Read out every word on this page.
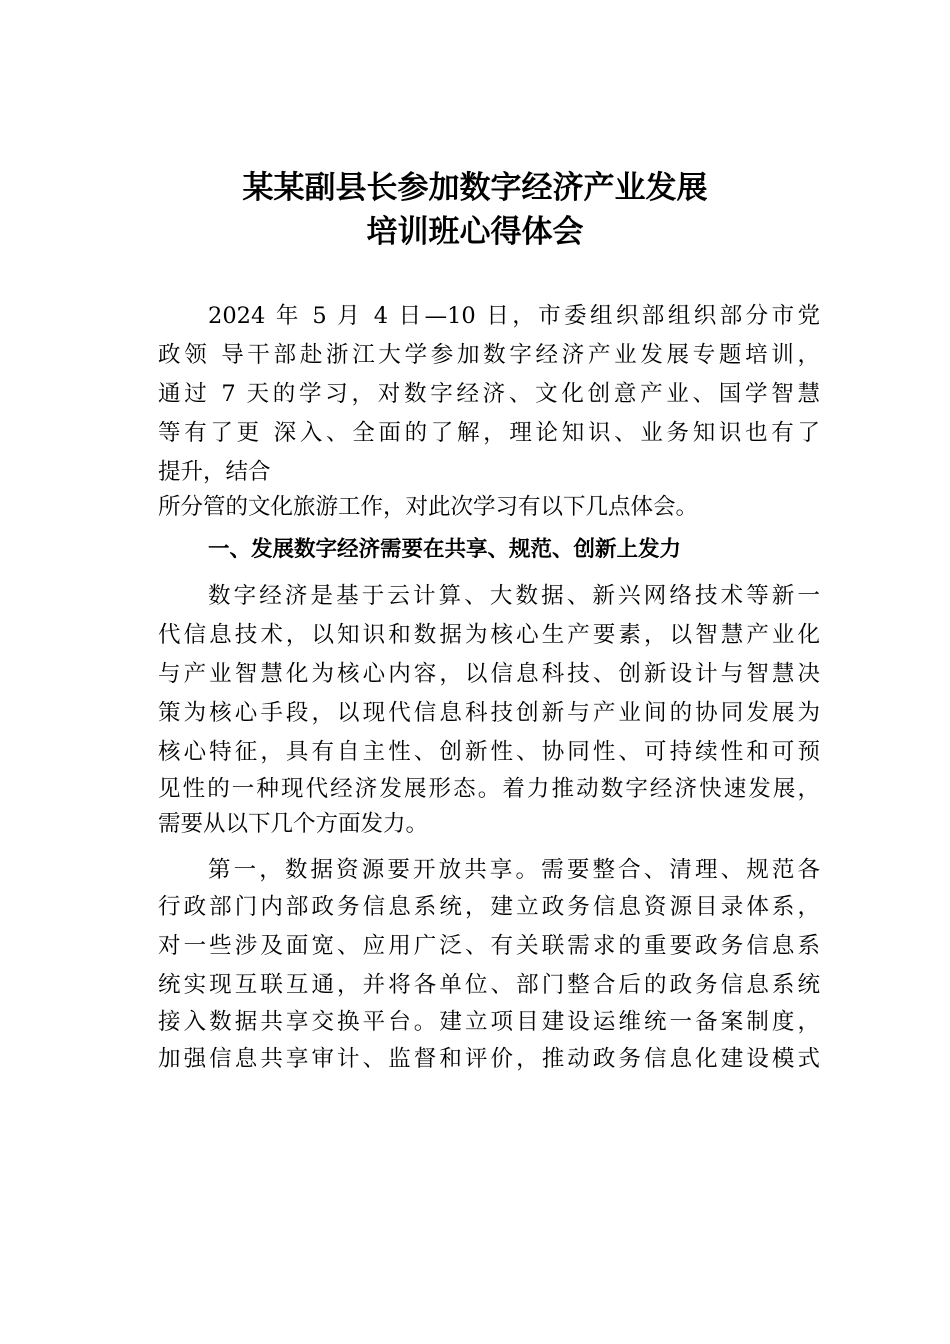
某某副县长参加数字经济产业发展
培训班心得体会
2024 年 5 月 4 日—10 日，市委组织部组织部分市党
政领 导干部赴浙江大学参加数字经济产业发展专题培训，
通过 7 天的学习，对数字经济、文化创意产业、国学智慧
等有了更 深入、全面的了解，理论知识、业务知识也有了
提升，结合
所分管的文化旅游工作，对此次学习有以下几点体会。
一、发展数字经济需要在共享、规范、创新上发力
数字经济是基于云计算、大数据、新兴网络技术等新一
代信息技术，以知识和数据为核心生产要素，以智慧产业化
与产业智慧化为核心内容，以信息科技、创新设计与智慧决
策为核心手段，以现代信息科技创新与产业间的协同发展为
核心特征，具有自主性、创新性、协同性、可持续性和可预
见性的一种现代经济发展形态。着力推动数字经济快速发展，
需要从以下几个方面发力。
第一，数据资源要开放共享。需要整合、清理、规范各
行政部门内部政务信息系统，建立政务信息资源目录体系，
对一些涉及面宽、应用广泛、有关联需求的重要政务信息系
统实现互联互通，并将各单位、部门整合后的政务信息系统
接入数据共享交换平台。建立项目建设运维统一备案制度，
加强信息共享审计、监督和评价，推动政务信息化建设模式
